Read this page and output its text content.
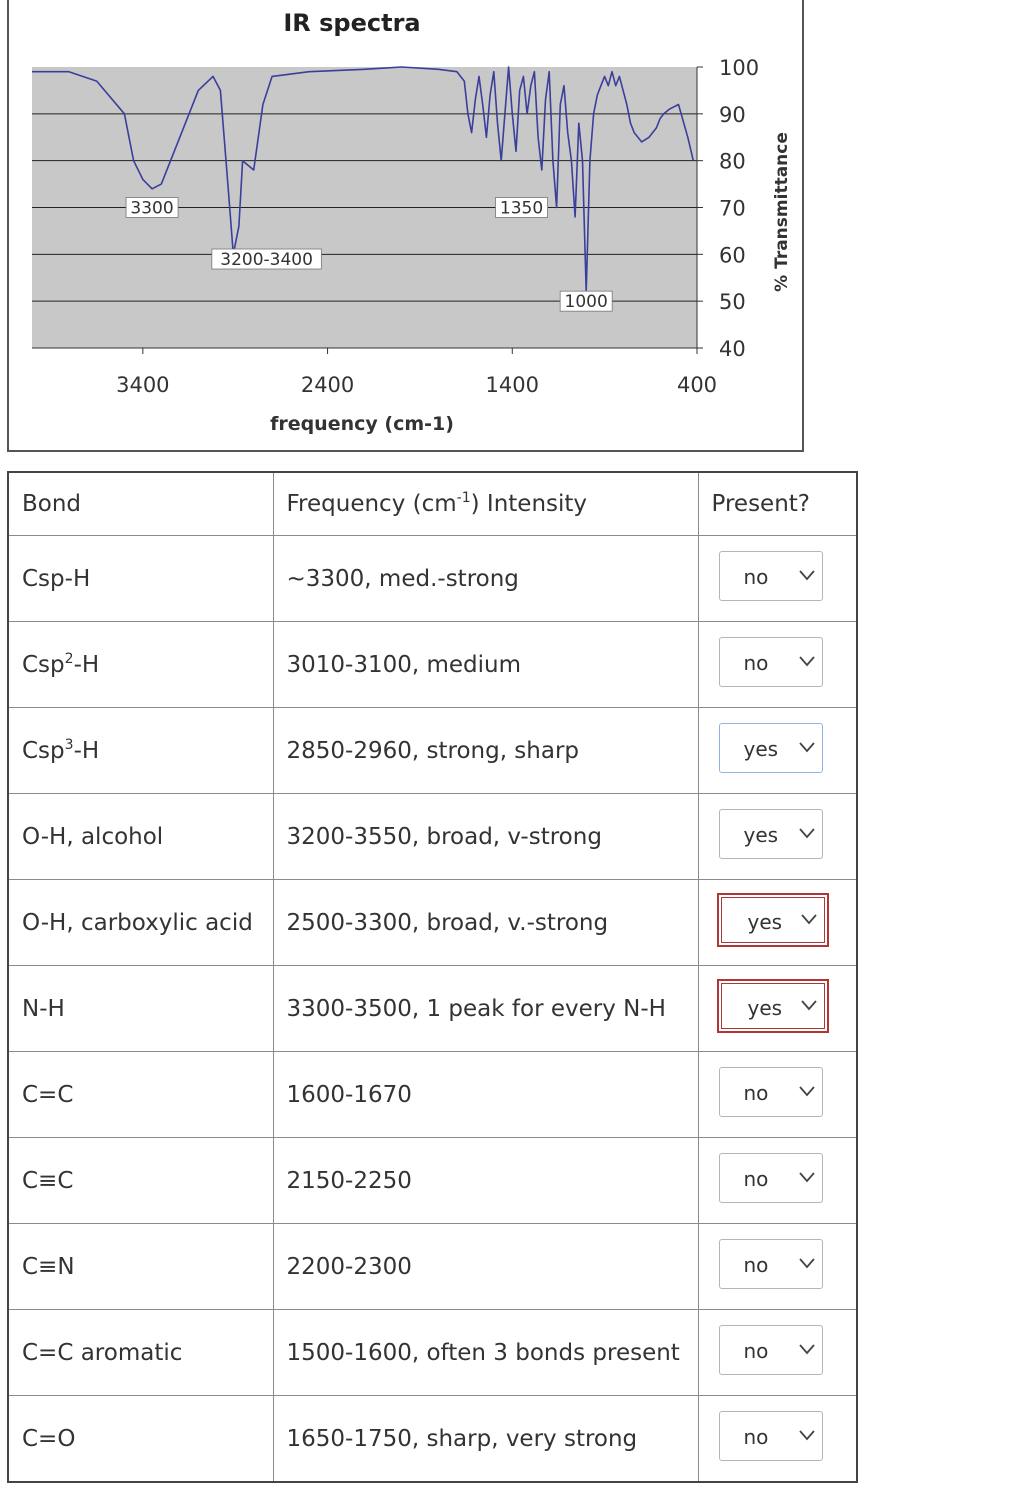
IR spectra
100
90
80
70
60
50
40
3400	2400	1400	400
3300
3200-3400
1350
1000
frequency (cm-1)
% Transmittance
Bond	Frequency $(cm^{-1})$ Intensity	Present?
Csp-H	~3300, med.-strong	no

Csp$^2$-H	3010-3100, medium	no

Csp$^3$-H	2850-2960, strong, sharp	yes

O-H, alcohol	3200-3550, broad, v-strong	yes

O-H, carboxylic acid	2500-3300, broad, v.-strong	yes

N-H	3300-3500, 1 peak for every N-H	yes

C=C	1600-1670	no

C≡C	2150-2250	no

C≡N	2200-2300	no

C=C aromatic	1500-1600, often 3 bonds present	no

C=O	1650-1750, sharp, very strong	no
